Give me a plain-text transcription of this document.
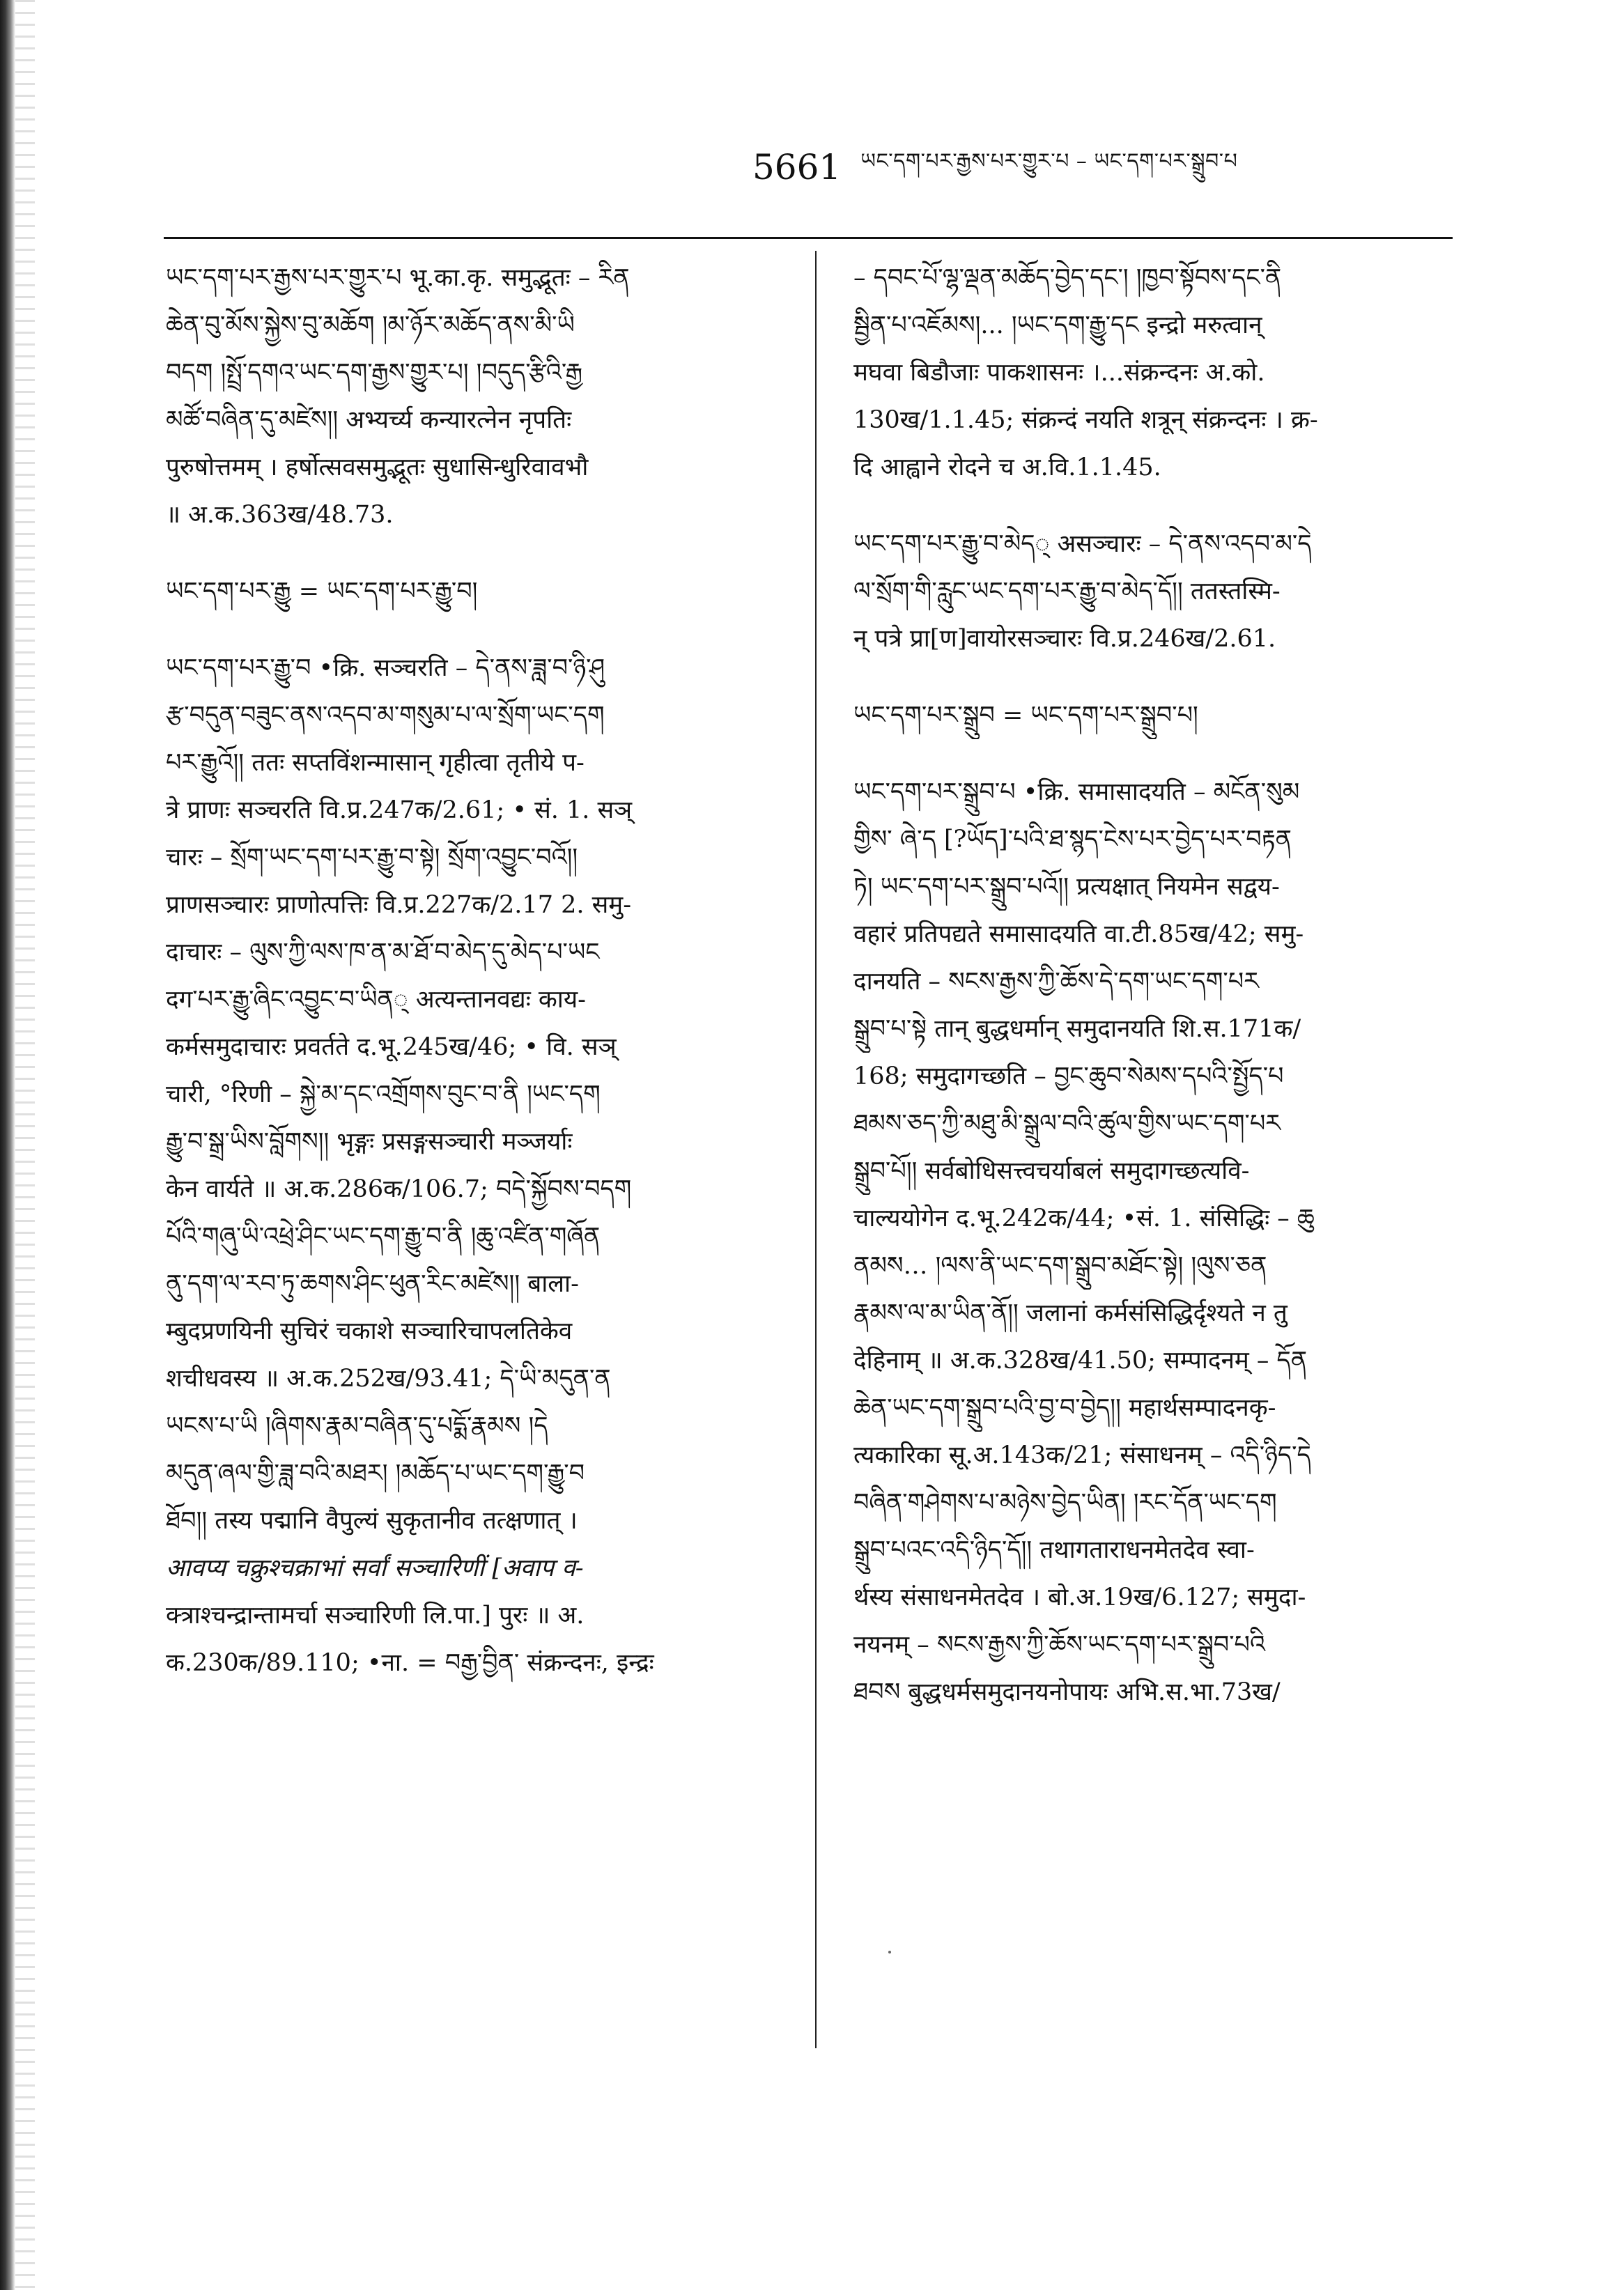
5661 ཡང་དག་པར་རྒྱས་པར་གྱུར་པ – ཡང་དག་པར་སྒྲུབ་པ
ཡང་དག་པར་རྒྱས་པར་གྱུར་པ भू.का.कृ. समुद्भूतः – རིན
ཆེན་བུ་མོས་སྐྱེས་བུ་མཆོག །མ་ཉོར་མཆོད་ནས་མི་ཡི
བདག །སྤྲོ་དགའ་ཡང་དག་རྒྱས་གྱུར་པ། །བདུད་རྩིའི་རྒྱ
མཚོ་བཞིན་དུ་མཛེས།། अभ्यर्च्य कन्यारत्नेन नृपतिः
पुरुषोत्तमम् । हर्षोत्सवसमुद्भूतः सुधासिन्धुरिवावभौ
॥ अ.क.363ख/48.73.
ཡང་དག་པར་རྒྱུ = ཡང་དག་པར་རྒྱུ་བ།
ཡང་དག་པར་རྒྱུ་བ •क्रि. सञ्चरति – དེ་ནས་ཟླ་བ་ཉི་ཤུ
རྩ་བདུན་བཟུང་ནས་འདབ་མ་གསུམ་པ་ལ་སྲོག་ཡང་དག
པར་རྒྱུའོ།། ततः सप्तविंशन्मासान् गृहीत्वा तृतीये प-
त्रे प्राणः सञ्चरति वि.प्र.247क/2.61; • सं. 1. सञ्
चारः – སྲོག་ཡང་དག་པར་རྒྱུ་བ་སྟེ། སྲོག་འབྱུང་བའོ།།
प्राणसञ्चारः प्राणोत्पत्तिः वि.प्र.227क/2.17 2. समु-
दाचारः – ལུས་ཀྱི་ལས་ཁ་ན་མ་ཐོ་བ་མེད་དུ་མེད་པ་ཡང
दग་པར་རྒྱུ་ཞིང་འབྱུང་བ་ཡིན् अत्यन्तानवद्यः काय-
कर्मसमुदाचारः प्रवर्तते द.भू.245ख/46; • वि. सञ्
चारी, °रिणी – སྐྱེ་མ་དང་འགྲོགས་བུང་བ་ནི །ཡང་དག
རྒྱུ་བ་སྒྲ་ཡིས་བློགས།། भृङ्गः प्रसङ्गसञ्चारी मञ्जर्याः
केन वार्यते ॥ अ.क.286क/106.7; བདེ་སྐྱོབས་བདག
པོའི་གཞུ་ཡི་འཕྲེ་ཤིང་ཡང་དག་རྒྱུ་བ་ནི །ཆུ་འཛིན་གཞོན
ནུ་དག་ལ་རབ་ཏུ་ཆགས་ཤིང་ཕུན་རིང་མཛེས།། बाला-
म्बुदप्रणयिनी सुचिरं चकाशे सञ्चारिचापलतिकेव
शचीधवस्य ॥ अ.क.252ख/93.41; དེ་ཡི་མདུན་ན
ཡངས་པ་ཡི །ཞིགས་རྣམ་བཞིན་དུ་པདྨོ་རྣམས །དེ
མདུན་ཞལ་གྱི་ཟླ་བའི་མཐར། །མཆོད་པ་ཡང་དག་རྒྱུ་བ
ཐོབ།། तस्य पद्मानि वैपुल्यं सुकृतानीव तत्क्षणात् ।
आवप्य चक्रुश्चक्राभां सर्वां सञ्चारिणीं [अवाप व-
क्त्राश्चन्द्रान्तामर्चा सञ्चारिणी लि.पा.] पुरः ॥ अ.
क.230क/89.110; •ना. = བརྒྱ་བྱིན་ संक्रन्दनः, इन्द्रः
– དབང་པོ་ལྷ་ལྡན་མཆོད་བྱེད་དང་། །ཁྱབ་སྟོབས་དང་ནི
སྦྱིན་པ་འཇོམས།... །ཡང་དག་རྒྱུ་དང इन्द्रो मरुत्वान्
मघवा बिडौजाः पाकशासनः ।...संक्रन्दनः अ.को.
130ख/1.1.45; संक्रन्दं नयति शत्रून् संक्रन्दनः । क्र-
दि आह्वाने रोदने च अ.वि.1.1.45.
ཡང་དག་པར་རྒྱུ་བ་མེད् असञ्चारः – དེ་ནས་འདབ་མ་དེ
ལ་སྲོག་གི་རླུང་ཡང་དག་པར་རྒྱུ་བ་མེད་དོ།། ततस्तस्मि-
न् पत्रे प्रा[ण]वायोरसञ्चारः वि.प्र.246ख/2.61.
ཡང་དག་པར་སྒྲུབ = ཡང་དག་པར་སྒྲུབ་པ།
ཡང་དག་པར་སྒྲུབ་པ •क्रि. समासादयति – མངོན་སུམ
གྱིས་ ཞེ་ད [?ཡོད]་པའི་ཐ་སྙད་ངེས་པར་བྱེད་པར་བརྟན
ཏེ། ཡང་དག་པར་སྒྲུབ་པའོ།། प्रत्यक्षात् नियमेन सद्वय-
वहारं प्रतिपद्यते समासादयति वा.टी.85ख/42; समु-
दानयति – སངས་རྒྱས་ཀྱི་ཆོས་དེ་དག་ཡང་དག་པར
སྒྲུབ་པ་སྟེ तान् बुद्धधर्मान् समुदानयति शि.स.171क/
168; समुदागच्छति – བྱང་ཆུབ་སེམས་དཔའི་སྤྱོད་པ
ཐམས་ཅད་ཀྱི་མཐུ་མི་སྒྲུལ་བའི་ཚུལ་གྱིས་ཡང་དག་པར
སྒྲུབ་པོ།། सर्वबोधिसत्त्वचर्याबलं समुदागच्छत्यवि-
चाल्ययोगेन द.भू.242क/44; •सं. 1. संसिद्धिः – ཆུ
ནམས… །ལས་ནི་ཡང་དག་སྒྲུབ་མཐོང་སྟེ། །ལུས་ཅན
རྣམས་ལ་མ་ཡིན་ནོ།། जलानां कर्मसंसिद्धिर्दृश्यते न तु
देहिनाम् ॥ अ.क.328ख/41.50; सम्पादनम् – དོན
ཆེན་ཡང་དག་སྒྲུབ་པའི་བྱ་བ་བྱེད།། महार्थसम्पादनकृ-
त्यकारिका सू.अ.143क/21; संसाधनम् – འདི་ཉིད་དེ
བཞིན་གཤེགས་པ་མཉེས་བྱེད་ཡིན། །རང་དོན་ཡང་དག
སྒྲུབ་པའང་འདི་ཉིད་དོ།། तथागताराधनमेतदेव स्वा-
र्थस्य संसाधनमेतदेव । बो.अ.19ख/6.127; समुदा-
नयनम् – སངས་རྒྱས་ཀྱི་ཆོས་ཡང་དག་པར་སྒྲུབ་པའི
ཐབས बुद्धधर्मसमुदानयनोपायः अभि.स.भा.73ख/
